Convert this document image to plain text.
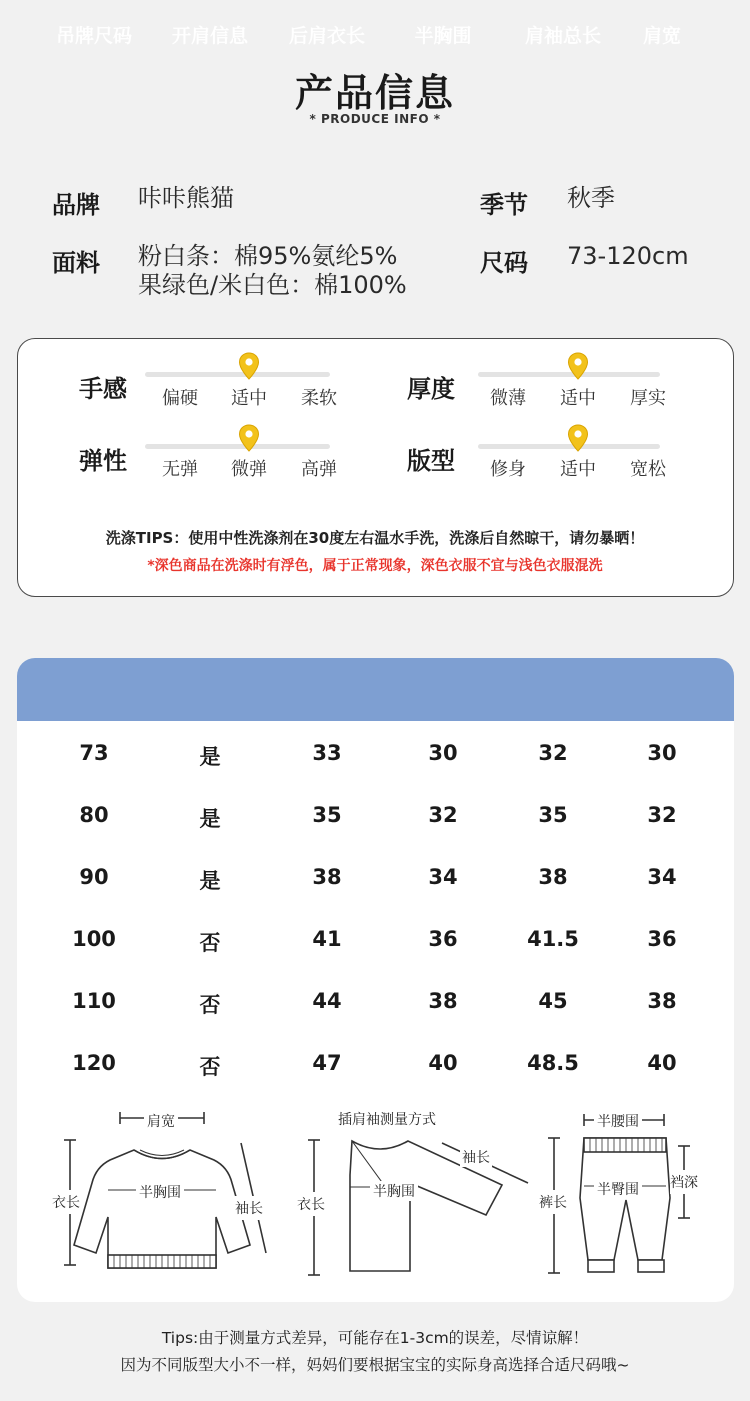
产品信息
* PRODUCE INFO *
品牌 咔咔熊猫	季节 秋季
面料 粉白条：棉95%氨纶5%
果绿色/米白色：棉100%
尺码 73-120cm
手感	偏硬	适中	柔软	厚度	微薄	适中	厚实
弹性	无弹	微弹	高弹	版型	修身	适中	宽松
洗涤TIPS：使用中性洗涤剂在30度左右温水手洗，洗涤后自然晾干，请勿暴晒！
*深色商品在洗涤时有浮色，属于正常现象，深色衣服不宜与浅色衣服混洗
吊牌尺码	开肩信息	后肩衣长	半胸围	肩袖总长	肩宽
73	是	33	30	32	30
80	是	35	32	35	32
90	是	38	34	38	34
100	否	41	36	41.5	36
110	否	44	38	45	38
120	否	47	40	48.5	40
肩宽
衣长
半胸围
袖长
插肩袖测量方式
袖长
衣长
半胸围
半腰围
裤长
半臀围 裆深
Tips:由于测量方式差异，可能存在1-3cm的误差，尽情谅解！
因为不同版型大小不一样，妈妈们要根据宝宝的实际身高选择合适尺码哦~
